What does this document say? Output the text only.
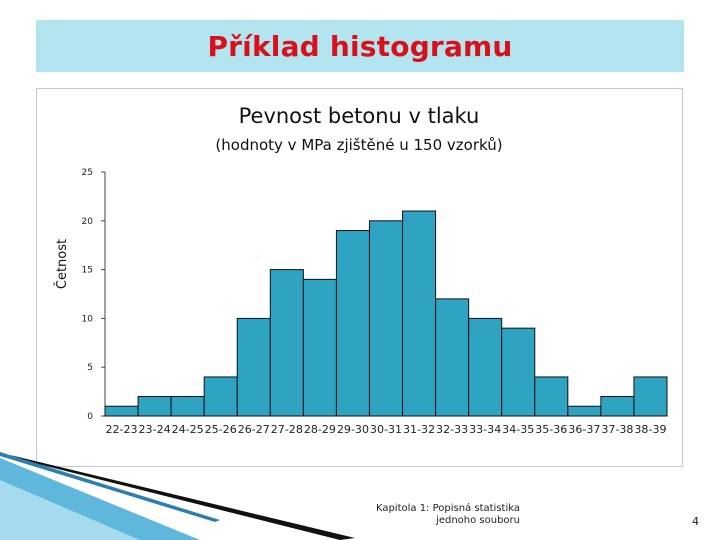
Příklad histogramu
Pevnost betonu v tlaku
(hodnoty v MPa zjištěné u 150 vzorků)
Četnost
0
5
10
15
20
25
22-23 23-24 24-25 25-26 26-27 27-28 28-29 29-30 30-31 31-32 32-33 33-34 34-35 35-36 36-37 37-38 38-39
Kapitola 1: Popisná statistika
jednoho souboru	4
